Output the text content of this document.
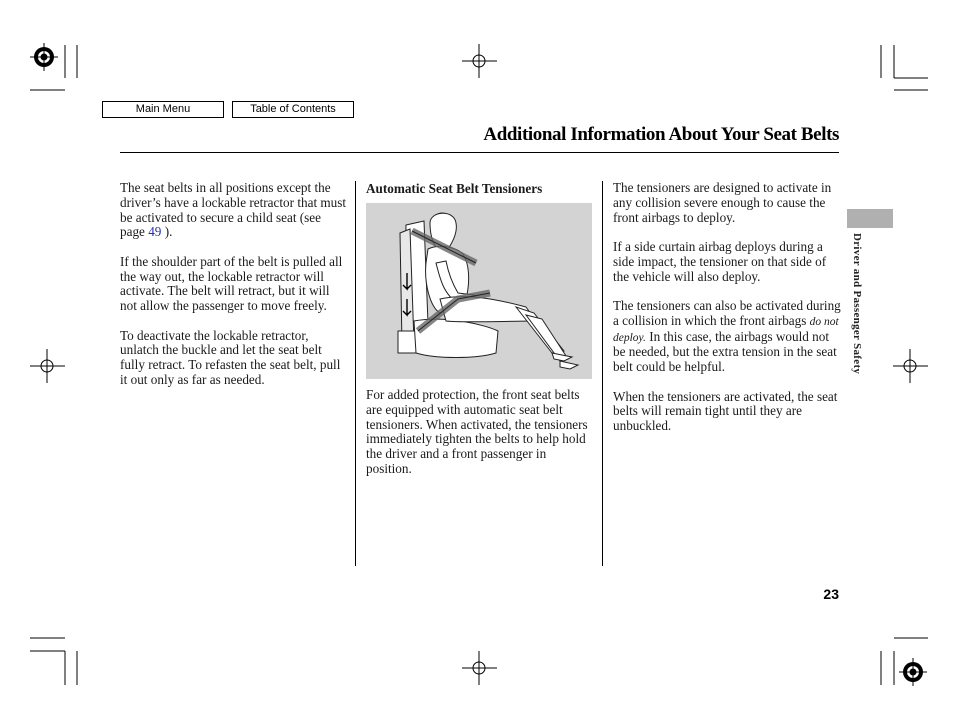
Main Menu	Table of Contents
Additional Information About Your Seat Belts

The seat belts in all positions except the driver’s have a lockable retractor that must be activated to secure a child seat (see page 49 ).

If the shoulder part of the belt is pulled all the way out, the lockable retractor will activate. The belt will retract, but it will not allow the passenger to move freely.

To deactivate the lockable retractor, unlatch the buckle and let the seat belt fully retract. To refasten the seat belt, pull it out only as far as needed.

Automatic Seat Belt Tensioners

For added protection, the front seat belts are equipped with automatic seat belt tensioners. When activated, the tensioners immediately tighten the belts to help hold the driver and a front passenger in position.

The tensioners are designed to activate in any collision severe enough to cause the front airbags to deploy.

If a side curtain airbag deploys during a side impact, the tensioner on that side of the vehicle will also deploy.

The tensioners can also be activated during a collision in which the front airbags do not deploy. In this case, the airbags would not be needed, but the extra tension in the seat belt could be helpful.

When the tensioners are activated, the seat belts will remain tight until they are unbuckled.

Driver and Passenger Safety
23
